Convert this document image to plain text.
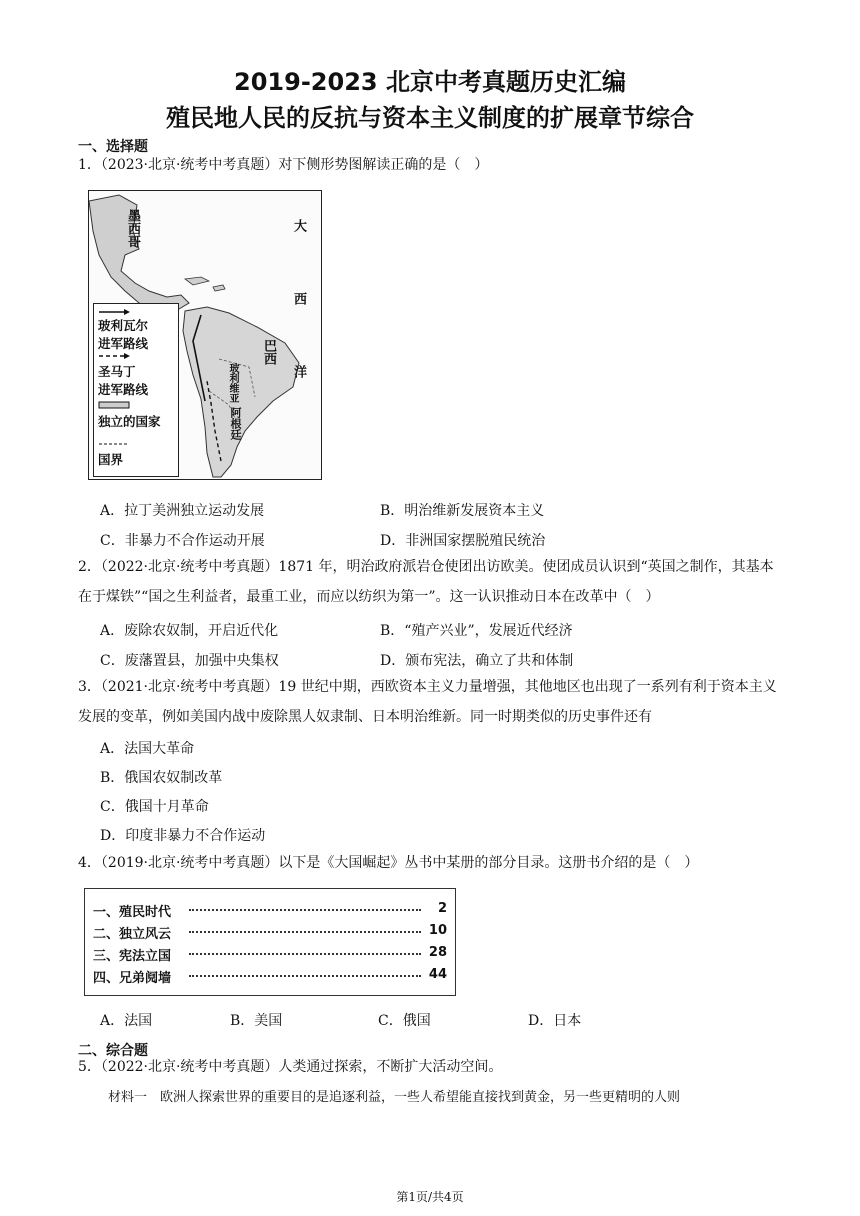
2019-2023 北京中考真题历史汇编
殖民地人民的反抗与资本主义制度的扩展章节综合
一、选择题
1．（2023·北京·统考中考真题）对下侧形势图解读正确的是（　）
墨西哥
巴西
玻利维亚
阿根廷	大西洋
玻利瓦尔
进军路线
圣马丁
进军路线
独立的国家
国界
A．拉丁美洲独立运动发展	B．明治维新发展资本主义
C．非暴力不合作运动开展	D．非洲国家摆脱殖民统治
2．（2022·北京·统考中考真题）1871 年，明治政府派岩仓使团出访欧美。使团成员认识到“英国之制作，其基本在于煤铁”“国之生利益者，最重工业，而应以纺织为第一”。这一认识推动日本在改革中（　）
A．废除农奴制，开启近代化	B．“殖产兴业”，发展近代经济
C．废藩置县，加强中央集权	D．颁布宪法，确立了共和体制
3．（2021·北京·统考中考真题）19 世纪中期，西欧资本主义力量增强，其他地区也出现了一系列有利于资本主义发展的变革，例如美国内战中废除黑人奴隶制、日本明治维新。同一时期类似的历史事件还有
A．法国大革命
B．俄国农奴制改革
C．俄国十月革命
D．印度非暴力不合作运动
4．（2019·北京·统考中考真题）以下是《大国崛起》丛书中某册的部分目录。这册书介绍的是（　）
一、殖民时代	2
二、独立风云	10
三、宪法立国	28
四、兄弟阋墙	44
A．法国	B．美国	C．俄国	D．日本
二、综合题
5．（2022·北京·统考中考真题）人类通过探索，不断扩大活动空间。
材料一　欧洲人探索世界的重要目的是追逐利益，一些人希望能直接找到黄金，另一些更精明的人则
第1页/共4页
